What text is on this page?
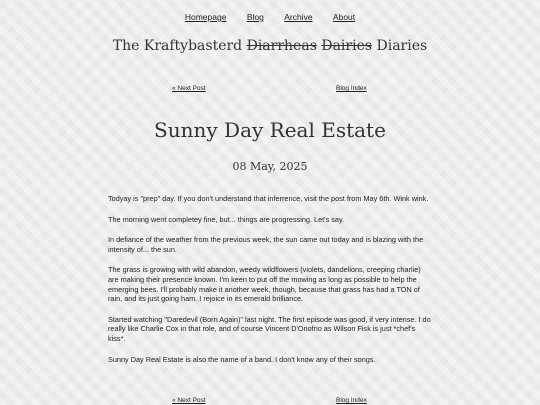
Homepage Blog Archive About
The Kraftybasterd Diarrheas Dairies Diaries
« Next Post	Blog Index
Sunny Day Real Estate
08 May, 2025

Todyay is "prep" day. If you don't understand that inferrence, visit the post from May 6th. Wink wink.

The morning went completey fine, but... things are progressing. Let's say.

In defiance of the weather from the previous week, the sun came out today and is blazing with the intensity of... the sun.

The grass is growing with wild abandon, weedy wildflowers (violets, dandelions, creeping charlie) are making their presence known. I'm keen to put off the mowing as long as possible to help the emerging bees. I'll probably make it another week, though, because that grass has had a TON of rain, and its just going ham. I rejoice in its emerald brilliance.

Started watching "Daredevil (Born Again)" last night. The first episode was good, if very intense. I do really like Charlie Cox in that role, and of course Vincent D'Onofrio as Wilson Fisk is just *chef's kiss*.

Sunny Day Real Estate is also the name of a band. I don't know any of their songs.

« Next Post	Blog Index
